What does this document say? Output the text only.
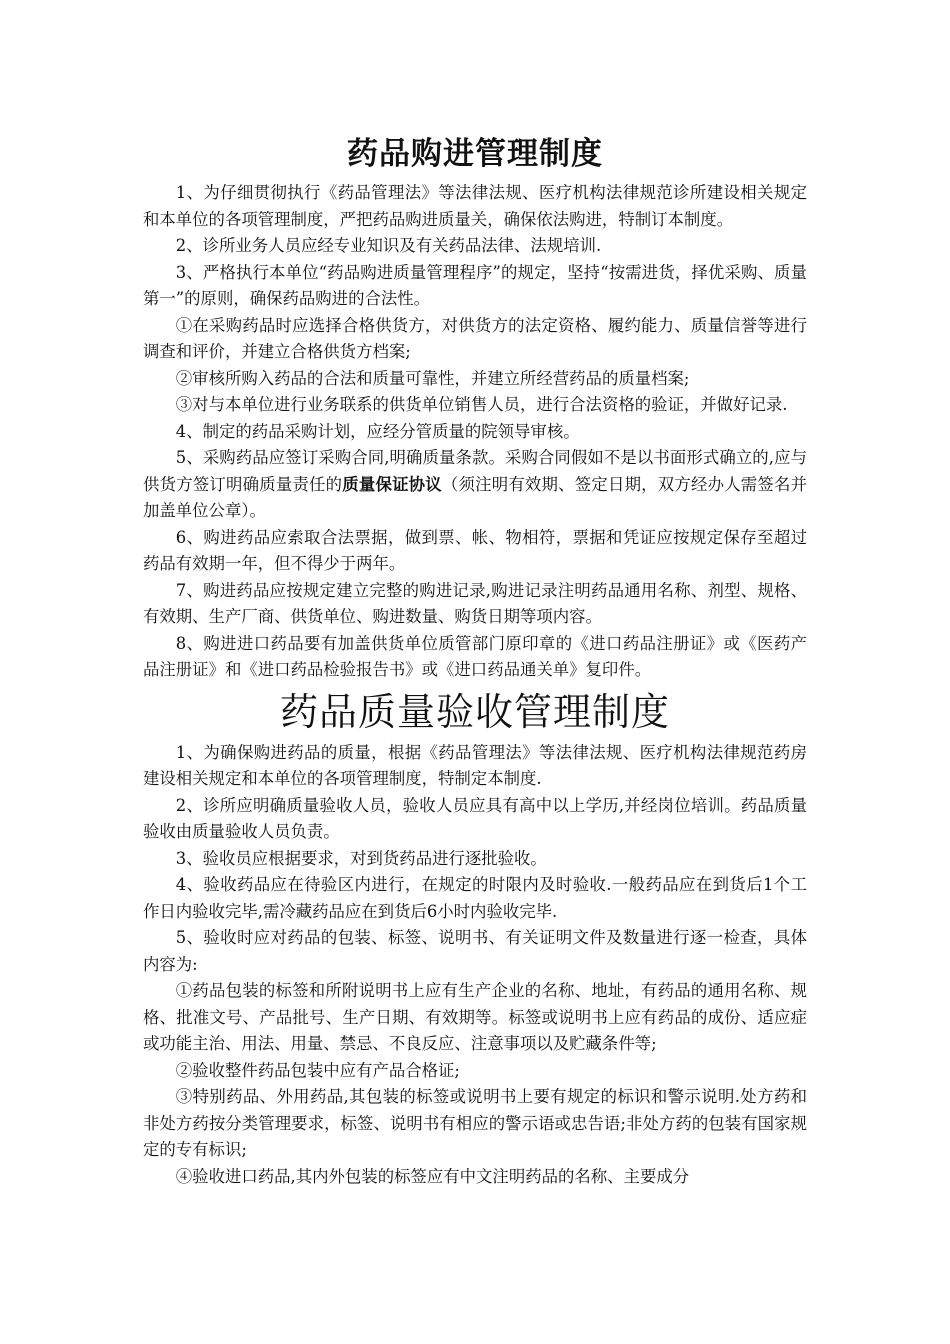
药品购进管理制度

1、为仔细贯彻执行《药品管理法》等法律法规、医疗机构法律规范诊所建设相关规定和本单位的各项管理制度，严把药品购进质量关，确保依法购进，特制订本制度。

2、诊所业务人员应经专业知识及有关药品法律、法规培训.

3、严格执行本单位“药品购进质量管理程序”的规定，坚持“按需进货，择优采购、质量第一”的原则，确保药品购进的合法性。

①在采购药品时应选择合格供货方，对供货方的法定资格、履约能力、质量信誉等进行调查和评价，并建立合格供货方档案;

②审核所购入药品的合法和质量可靠性，并建立所经营药品的质量档案;

③对与本单位进行业务联系的供货单位销售人员，进行合法资格的验证，并做好记录.

4、制定的药品采购计划，应经分管质量的院领导审核。

5、采购药品应签订采购合同,明确质量条款。采购合同假如不是以书面形式确立的,应与供货方签订明确质量责任的质量保证协议（须注明有效期、签定日期，双方经办人需签名并加盖单位公章）。

6、购进药品应索取合法票据，做到票、帐、物相符，票据和凭证应按规定保存至超过药品有效期一年，但不得少于两年。

7、购进药品应按规定建立完整的购进记录,购进记录注明药品通用名称、剂型、规格、有效期、生产厂商、供货单位、购进数量、购货日期等项内容。

8、购进进口药品要有加盖供货单位质管部门原印章的《进口药品注册证》或《医药产品注册证》和《进口药品检验报告书》或《进口药品通关单》复印件。

药品质量验收管理制度

1、为确保购进药品的质量，根据《药品管理法》等法律法规、医疗机构法律规范药房建设相关规定和本单位的各项管理制度，特制定本制度.

2、诊所应明确质量验收人员，验收人员应具有高中以上学历,并经岗位培训。药品质量验收由质量验收人员负责。

3、验收员应根据要求，对到货药品进行逐批验收。

4、验收药品应在待验区内进行，在规定的时限内及时验收.一般药品应在到货后1个工作日内验收完毕,需冷藏药品应在到货后6小时内验收完毕.

5、验收时应对药品的包装、标签、说明书、有关证明文件及数量进行逐一检查，具体内容为:

①药品包装的标签和所附说明书上应有生产企业的名称、地址，有药品的通用名称、规格、批准文号、产品批号、生产日期、有效期等。标签或说明书上应有药品的成份、适应症或功能主治、用法、用量、禁忌、不良反应、注意事项以及贮藏条件等;

②验收整件药品包装中应有产品合格证;

③特别药品、外用药品,其包装的标签或说明书上要有规定的标识和警示说明.处方药和非处方药按分类管理要求，标签、说明书有相应的警示语或忠告语;非处方药的包装有国家规定的专有标识;

④验收进口药品,其内外包装的标签应有中文注明药品的名称、主要成分
